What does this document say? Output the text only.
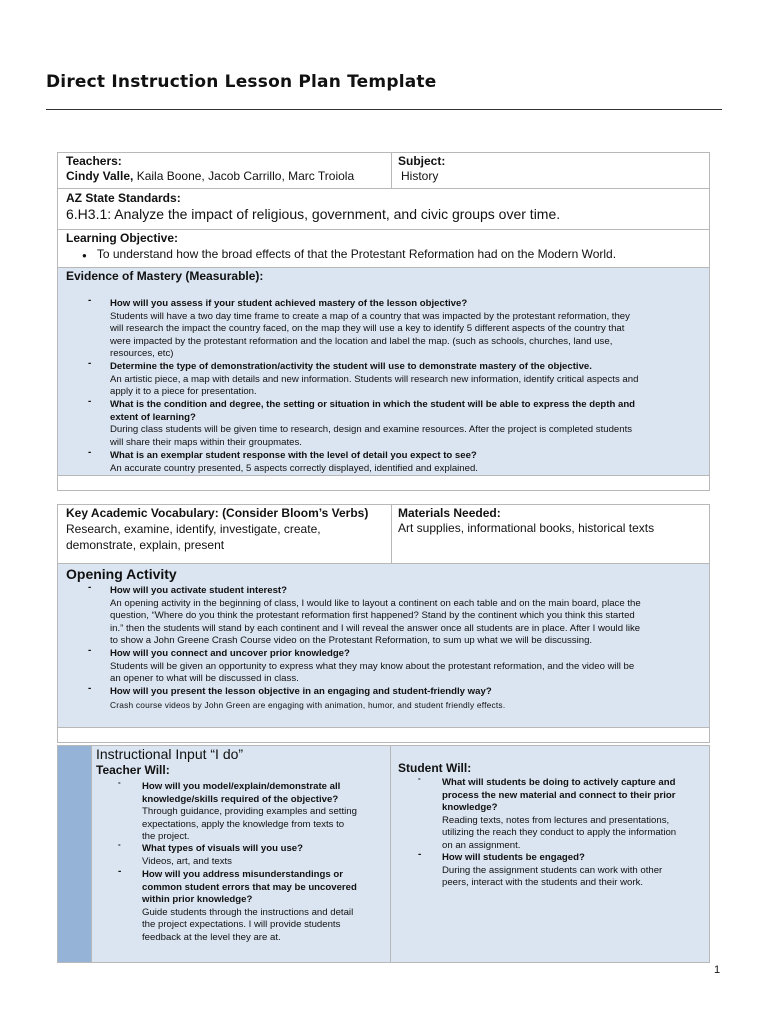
Direct Instruction Lesson Plan Template
Teachers:
Cindy Valle, Kaila Boone, Jacob Carrillo, Marc Troiola
Subject:
History
AZ State Standards:
6.H3.1: Analyze the impact of religious, government, and civic groups over time.
Learning Objective:
● To understand how the broad effects of that the Protestant Reformation had on the Modern World.
Evidence of Mastery (Measurable):
- How will you assess if your student achieved mastery of the lesson objective?
Students will have a two day time frame to create a map of a country that was impacted by the protestant reformation, they
will research the impact the country faced, on the map they will use a key to identify 5 different aspects of the country that
were impacted by the protestant reformation and the location and label the map. (such as schools, churches, land use,
resources, etc)
- Determine the type of demonstration/activity the student will use to demonstrate mastery of the objective.
An artistic piece, a map with details and new information. Students will research new information, identify critical aspects and
apply it to a piece for presentation.
- What is the condition and degree, the setting or situation in which the student will be able to express the depth and
extent of learning?
During class students will be given time to research, design and examine resources. After the project is completed students
will share their maps within their groupmates.
- What is an exemplar student response with the level of detail you expect to see?
An accurate country presented, 5 aspects correctly displayed, identified and explained.
Key Academic Vocabulary: (Consider Bloom’s Verbs)
Research, examine, identify, investigate, create,
demonstrate, explain, present
Materials Needed:
Art supplies, informational books, historical texts
Opening Activity
- How will you activate student interest?
An opening activity in the beginning of class, I would like to layout a continent on each table and on the main board, place the
question, “Where do you think the protestant reformation first happened? Stand by the continent which you think this started
in.” then the students will stand by each continent and I will reveal the answer once all students are in place. After I would like
to show a John Greene Crash Course video on the Protestant Reformation, to sum up what we will be discussing.
- How will you connect and uncover prior knowledge?
Students will be given an opportunity to express what they may know about the protestant reformation, and the video will be
an opener to what will be discussed in class.
- How will you present the lesson objective in an engaging and student-friendly way?
Crash course videos by John Green are engaging with animation, humor, and student friendly effects.
Instructional Input “I do”
Teacher Will:
- How will you model/explain/demonstrate all
knowledge/skills required of the objective?
Through guidance, providing examples and setting
expectations, apply the knowledge from texts to
the project.
- What types of visuals will you use?
Videos, art, and texts
- How will you address misunderstandings or
common student errors that may be uncovered
within prior knowledge?
Guide students through the instructions and detail
the project expectations. I will provide students
feedback at the level they are at.
Student Will:
- What will students be doing to actively capture and
process the new material and connect to their prior
knowledge?
Reading texts, notes from lectures and presentations,
utilizing the reach they conduct to apply the information
on an assignment.
- How will students be engaged?
During the assignment students can work with other
peers, interact with the students and their work.
1
